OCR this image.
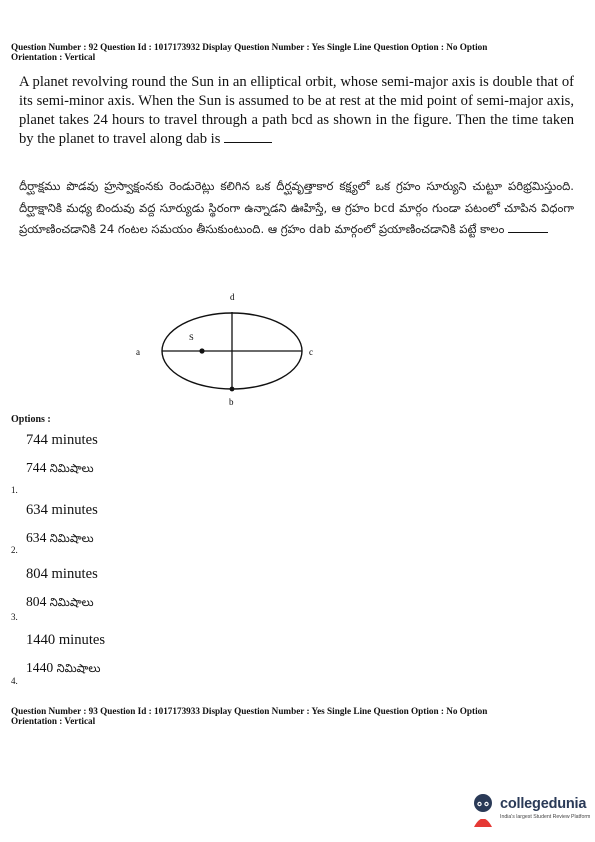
Question Number : 92 Question Id : 1017173932 Display Question Number : Yes Single Line Question Option : No Option
Orientation : Vertical
A planet revolving round the Sun in an elliptical orbit, whose semi-major axis is double that of its semi-minor axis. When the Sun is assumed to be at rest at the mid point of semi-major axis, planet takes 24 hours to travel through a path bcd as shown in the figure. Then the time taken by the planet to travel along dab is
దీర్ఘాక్షము పొడవు హ్రస్వాక్షంనకు రెండురెట్లు కలిగిన ఒక దీర్ఘవృత్తాకార కక్ష్యలో ఒక గ్రహం సూర్యుని చుట్టూ పరిభ్రమిస్తుంది. దీర్ఘాక్షానికి మధ్య బిందువు వద్ద సూర్యుడు స్థిరంగా ఉన్నాడని ఊహిస్తే, ఆ గ్రహం bcd మార్గం గుండా పటంలో చూపిన విధంగా ప్రయాణించడానికి 24 గంటల సమయం తీసుకుంటుంది. ఆ గ్రహం dab మార్గంలో ప్రయాణించడానికి పట్టే కాలం
d
a	c
b
S
Options :
744 minutes
744 నిమిషాలు
1.
634 minutes
634 నిమిషాలు
2.
804 minutes
804 నిమిషాలు
3.
1440 minutes
1440 నిమిషాలు
4.
Question Number : 93 Question Id : 1017173933 Display Question Number : Yes Single Line Question Option : No Option
Orientation : Vertical
collegedunia
India's largest Student Review Platform
